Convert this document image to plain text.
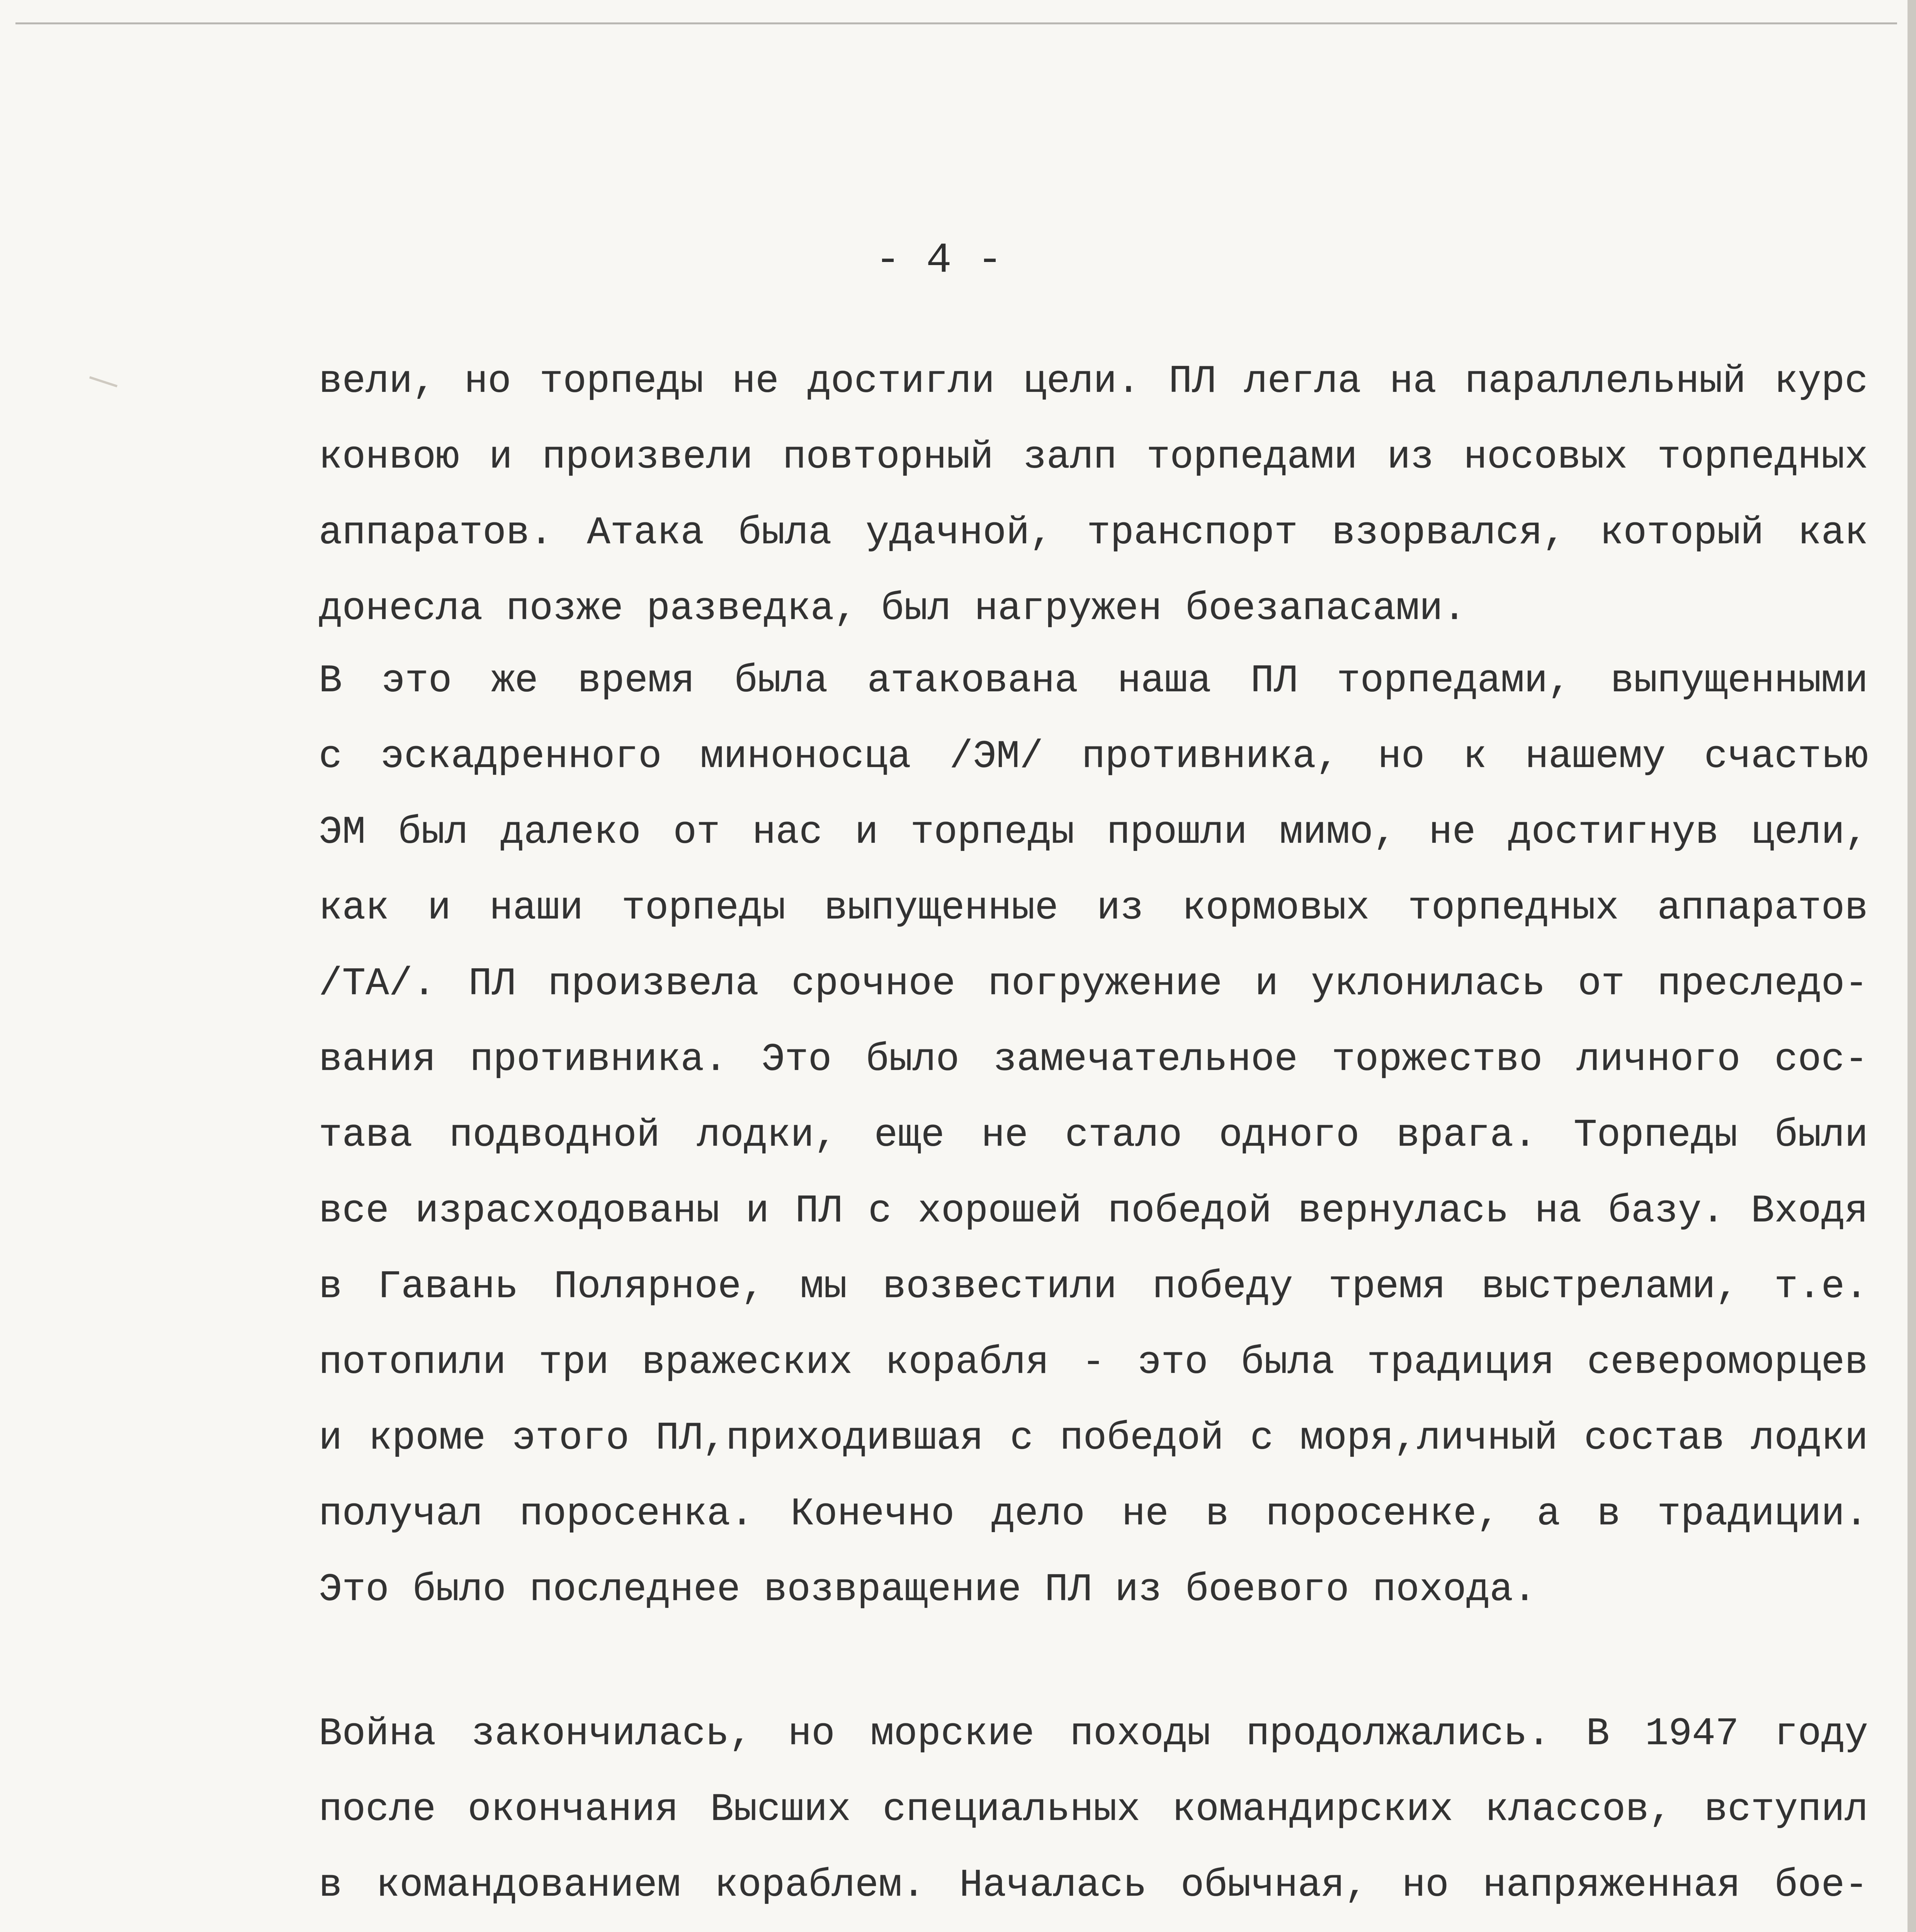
- 4 -
вели, но торпеды не достигли цели. ПЛ легла на параллельный курс
конвою и произвели повторный залп торпедами из носовых торпедных
аппаратов. Атака была удачной, транспорт взорвался, который как
донесла позже разведка, был нагружен боезапасами.
В это же время была атакована наша ПЛ торпедами, выпущенными
с эскадренного миноносца /ЭМ/ противника, но к нашему счастью
ЭМ был далеко от нас и торпеды прошли мимо, не достигнув цели,
как и наши торпеды выпущенные из кормовых торпедных аппаратов
/ТА/. ПЛ произвела срочное погружение и уклонилась от преследо-
вания противника. Это было замечательное торжество личного сос-
тава подводной лодки, еще не стало одного врага. Торпеды были
все израсходованы и ПЛ с хорошей победой вернулась на базу. Входя
в Гавань Полярное, мы возвестили победу тремя выстрелами, т.е.
потопили три вражеских корабля - это была традиция североморцев
и кроме этого ПЛ,приходившая с победой с моря,личный состав лодки
получал поросенка. Конечно дело не в поросенке, а в традиции.
Это было последнее возвращение ПЛ из боевого похода.
Война закончилась, но морские походы продолжались. В 1947 году
после окончания Высших специальных командирских классов, вступил
в командованием кораблем. Началась обычная, но напряженная бое-
